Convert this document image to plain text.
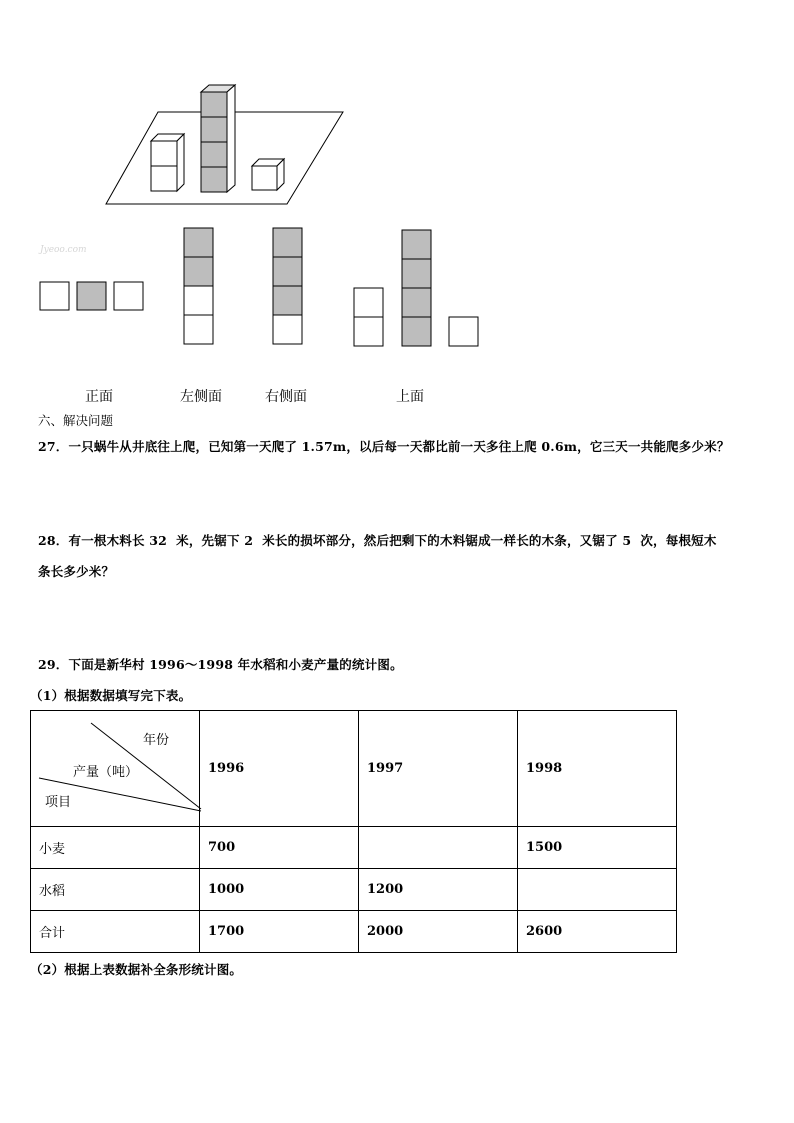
Jyeoo.com
正面	左侧面	右侧面	上面
六、解决问题
27．一只蜗牛从井底往上爬，已知第一天爬了 1.57m，以后每一天都比前一天多往上爬 0.6m，它三天一共能爬多少米？
28．有一根木料长 32  米，先锯下 2  米长的损坏部分，然后把剩下的木料锯成一样长的木条，又锯了 5  次，每根短木
条长多少米？
29．下面是新华村 1996～1998 年水稻和小麦产量的统计图。
（1）根据数据填写完下表。
年份
产量（吨）
项目	1996	1997	1998
小麦	700		1500
水稻	1000	1200	
合计	1700	2000	2600
（2）根据上表数据补全条形统计图。
